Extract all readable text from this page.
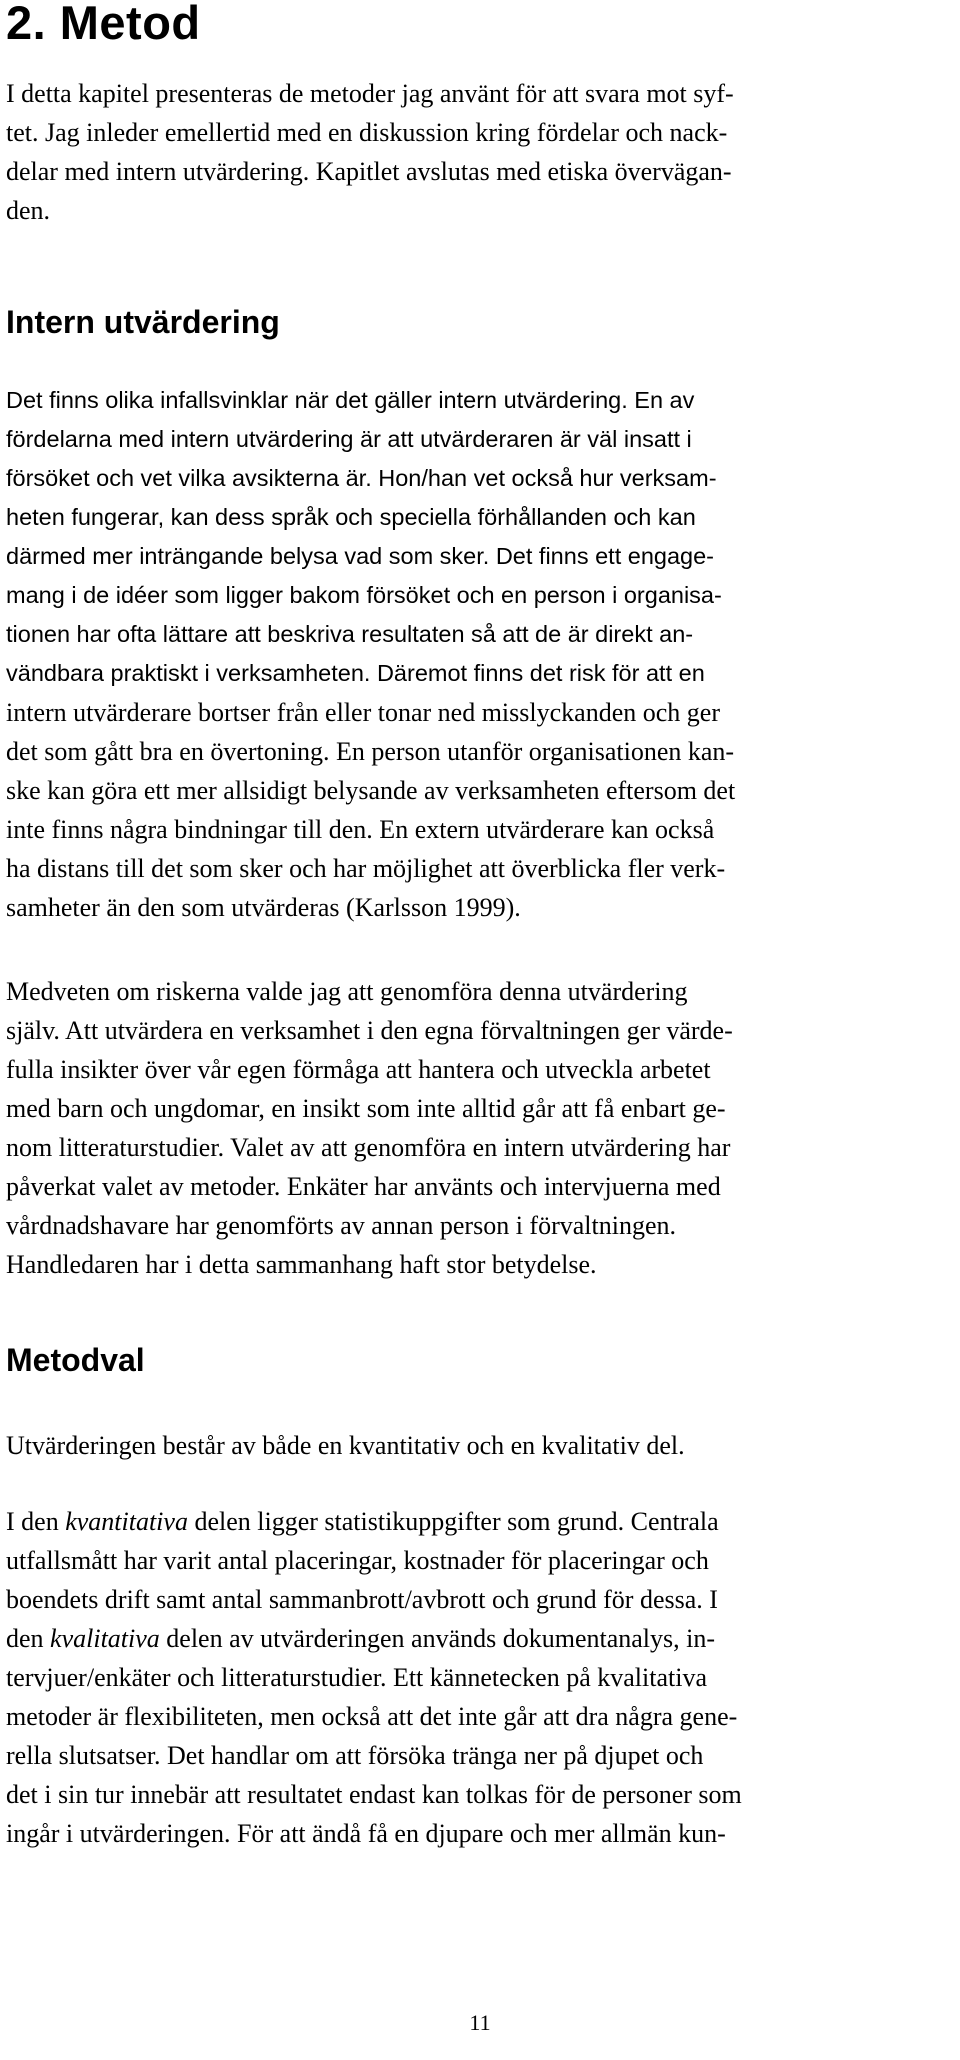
2. Metod

I detta kapitel presenteras de metoder jag använt för att svara mot syf-
tet. Jag inleder emellertid med en diskussion kring fördelar och nack-
delar med intern utvärdering. Kapitlet avslutas med etiska övervägan-
den.

Intern utvärdering

Det finns olika infallsvinklar när det gäller intern utvärdering. En av
fördelarna med intern utvärdering är att utvärderaren är väl insatt i
försöket och vet vilka avsikterna är. Hon/han vet också hur verksam-
heten fungerar, kan dess språk och speciella förhållanden och kan
därmed mer inträngande belysa vad som sker. Det finns ett engage-
mang i de idéer som ligger bakom försöket och en person i organisa-
tionen har ofta lättare att beskriva resultaten så att de är direkt an-
vändbara praktiskt i verksamheten. Däremot finns det risk för att en
intern utvärderare bortser från eller tonar ned misslyckanden och ger
det som gått bra en övertoning. En person utanför organisationen kan-
ske kan göra ett mer allsidigt belysande av verksamheten eftersom det
inte finns några bindningar till den. En extern utvärderare kan också
ha distans till det som sker och har möjlighet att överblicka fler verk-
samheter än den som utvärderas (Karlsson 1999).

Medveten om riskerna valde jag att genomföra denna utvärdering
själv. Att utvärdera en verksamhet i den egna förvaltningen ger värde-
fulla insikter över vår egen förmåga att hantera och utveckla arbetet
med barn och ungdomar, en insikt som inte alltid går att få enbart ge-
nom litteraturstudier. Valet av att genomföra en intern utvärdering har
påverkat valet av metoder. Enkäter har använts och intervjuerna med
vårdnadshavare har genomförts av annan person i förvaltningen.
Handledaren har i detta sammanhang haft stor betydelse.

Metodval

Utvärderingen består av både en kvantitativ och en kvalitativ del.

I den kvantitativa delen ligger statistikuppgifter som grund. Centrala
utfallsmått har varit antal placeringar, kostnader för placeringar och
boendets drift samt antal sammanbrott/avbrott och grund för dessa. I
den kvalitativa delen av utvärderingen används dokumentanalys, in-
tervjuer/enkäter och litteraturstudier. Ett kännetecken på kvalitativa
metoder är flexibiliteten, men också att det inte går att dra några gene-
rella slutsatser. Det handlar om att försöka tränga ner på djupet och
det i sin tur innebär att resultatet endast kan tolkas för de personer som
ingår i utvärderingen. För att ändå få en djupare och mer allmän kun-

11
